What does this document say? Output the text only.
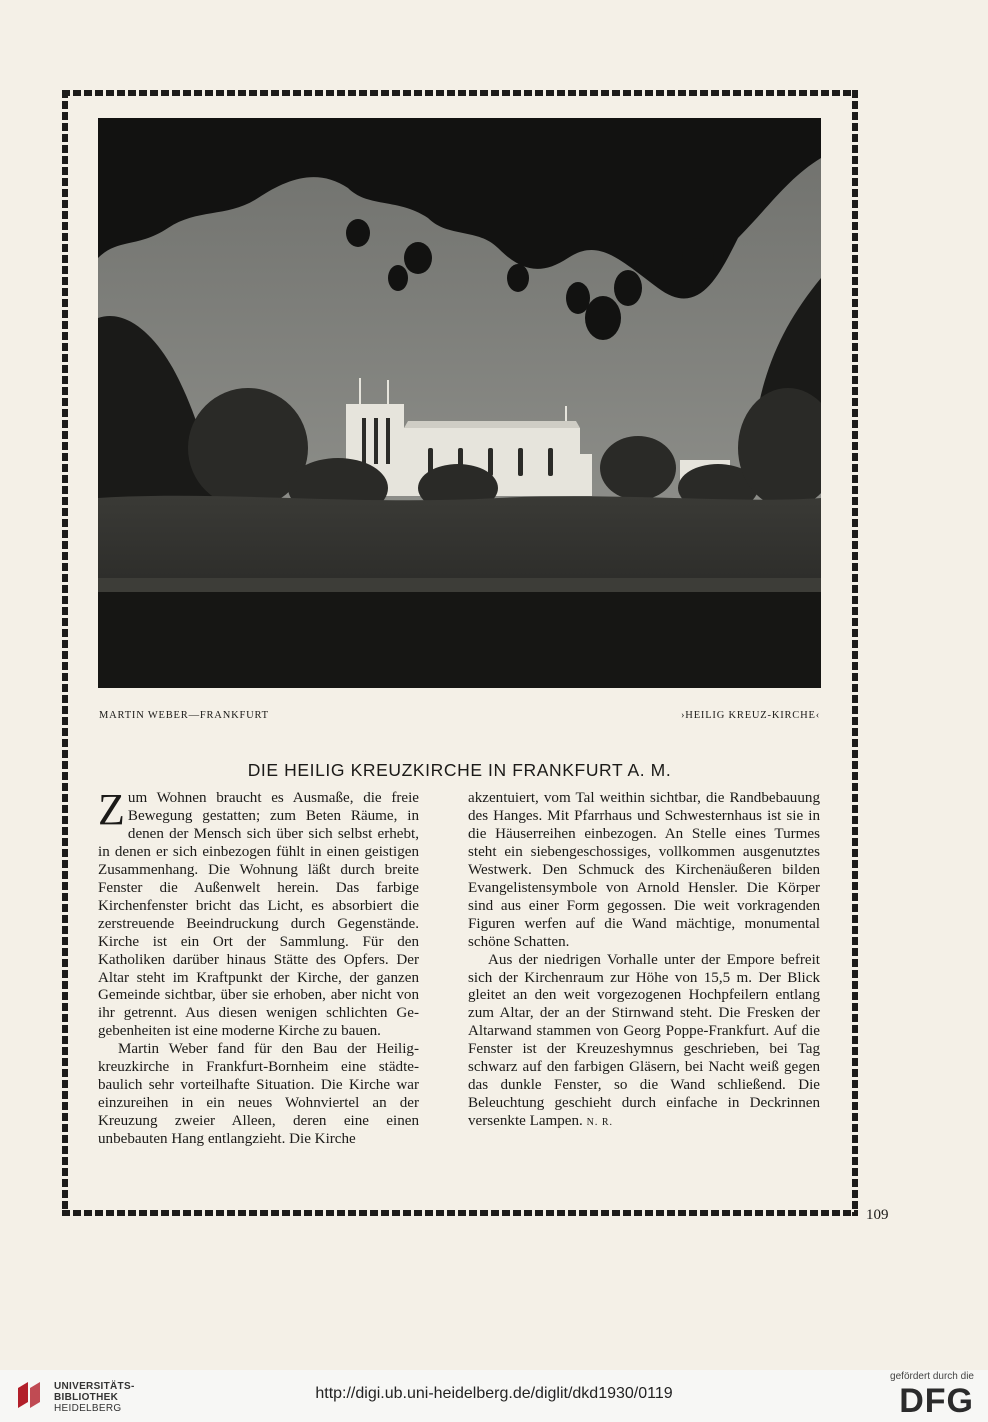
MARTIN WEBER—FRANKFURT	›HEILIG KREUZ-KIRCHE‹
DIE HEILIG KREUZKIRCHE IN FRANKFURT A. M.

Zum Wohnen braucht es Ausmaße, die freie Bewegung gestatten; zum Beten Räume, in denen der Mensch sich über sich selbst erhebt, in denen er sich einbezogen fühlt in einen geistigen Zusammenhang. Die Wohnung läßt durch breite Fenster die Außenwelt herein. Das farbige Kirchenfenster bricht das Licht, es absorbiert die zerstreuende Beeindruckung durch Gegenstände. Kirche ist ein Ort der Sammlung. Für den Katholiken darüber hinaus Stätte des Opfers. Der Altar steht im Kraftpunkt der Kirche, der ganzen Gemeinde sichtbar, über sie erhoben, aber nicht von ihr getrennt. Aus diesen wenigen schlichten Gegebenheiten ist eine moderne Kirche zu bauen.

Martin Weber fand für den Bau der Heiligkreuzkirche in Frankfurt-Bornheim eine städtebaulich sehr vorteilhafte Situation. Die Kirche war einzureihen in ein neues Wohnviertel an der Kreuzung zweier Alleen, deren eine einen unbebauten Hang entlangzieht. Die Kirche

akzentuiert, vom Tal weithin sichtbar, die Randbebauung des Hanges. Mit Pfarrhaus und Schwesternhaus ist sie in die Häuserreihen einbezogen. An Stelle eines Turmes steht ein siebengeschossiges, vollkommen ausgenutztes Westwerk. Den Schmuck des Kirchenäußeren bilden Evangelistensymbole von Arnold Hensler. Die Körper sind aus einer Form gegossen. Die weit vorkragenden Figuren werfen auf die Wand mächtige, monumental schöne Schatten.

Aus der niedrigen Vorhalle unter der Empore befreit sich der Kirchenraum zur Höhe von 15,5 m. Der Blick gleitet an den weit vorgezogenen Hochpfeilern entlang zum Altar, der an der Stirnwand steht. Die Fresken der Altarwand stammen von Georg Poppe-Frankfurt. Auf die Fenster ist der Kreuzeshymnus geschrieben, bei Tag schwarz auf den farbigen Gläsern, bei Nacht weiß gegen das dunkle Fenster, so die Wand schließend. Die Beleuchtung geschieht durch einfache in Deckrinnen versenkte Lampen. N. R.

109
UNIVERSITÄTS-
BIBLIOTHEK
HEIDELBERG
http://digi.ub.uni-heidelberg.de/diglit/dkd1930/0119
gefördert durch die
DFG
